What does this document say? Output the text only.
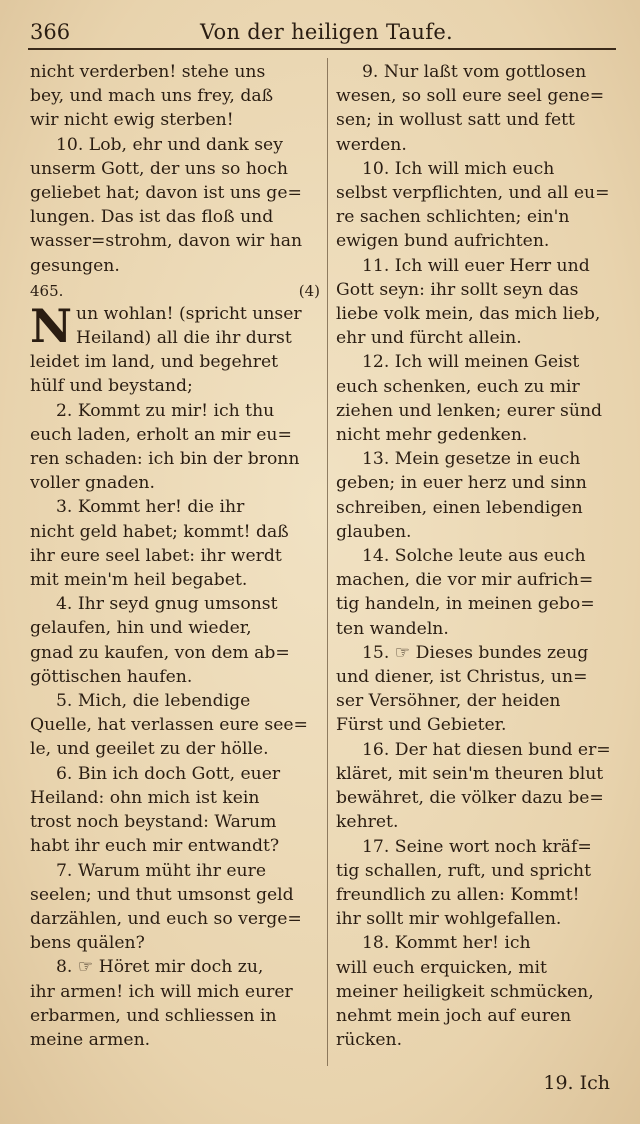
366	Von der heiligen Taufe.
nicht verderben! stehe uns
bey, und mach uns frey, daß
wir nicht ewig sterben!
10. Lob, ehr und dank sey
unserm Gott, der uns so hoch
geliebet hat; davon ist uns ge=
lungen. Das ist das floß und
wasser=strohm, davon wir han
gesungen.
465.	(4)
N un wohlan! (spricht unser
Heiland) all die ihr durst
leidet im land, und begehret
hülf und beystand;
2. Kommt zu mir! ich thu
euch laden, erholt an mir eu=
ren schaden: ich bin der bronn
voller gnaden.
3. Kommt her! die ihr
nicht geld habet; kommt! daß
ihr eure seel labet: ihr werdt
mit mein'm heil begabet.
4. Ihr seyd gnug umsonst
gelaufen, hin und wieder,
gnad zu kaufen, von dem ab=
göttischen haufen.
5. Mich, die lebendige
Quelle, hat verlassen eure see=
le, und geeilet zu der hölle.
6. Bin ich doch Gott, euer
Heiland: ohn mich ist kein
trost noch beystand: Warum
habt ihr euch mir entwandt?
7. Warum müht ihr eure
seelen; und thut umsonst geld
darzählen, und euch so verge=
bens quälen?
8. ☞ Höret mir doch zu,
ihr armen! ich will mich eurer
erbarmen, und schliessen in
meine armen.
9. Nur laßt vom gottlosen
wesen, so soll eure seel gene=
sen; in wollust satt und fett
werden.
10. Ich will mich euch
selbst verpflichten, und all eu=
re sachen schlichten; ein'n
ewigen bund aufrichten.
11. Ich will euer Herr und
Gott seyn: ihr sollt seyn das
liebe volk mein, das mich lieb,
ehr und fürcht allein.
12. Ich will meinen Geist
euch schenken, euch zu mir
ziehen und lenken; eurer sünd
nicht mehr gedenken.
13. Mein gesetze in euch
geben; in euer herz und sinn
schreiben, einen lebendigen
glauben.
14. Solche leute aus euch
machen, die vor mir aufrich=
tig handeln, in meinen gebo=
ten wandeln.
15. ☞ Dieses bundes zeug
und diener, ist Christus, un=
ser Versöhner, der heiden
Fürst und Gebieter.
16. Der hat diesen bund er=
kläret, mit sein'm theuren blut
bewähret, die völker dazu be=
kehret.
17. Seine wort noch kräf=
tig schallen, ruft, und spricht
freundlich zu allen: Kommt!
ihr sollt mir wohlgefallen.
18. Kommt her! ich
will euch erquicken, mit
meiner heiligkeit schmücken,
nehmt mein joch auf euren
rücken.
19. Ich
